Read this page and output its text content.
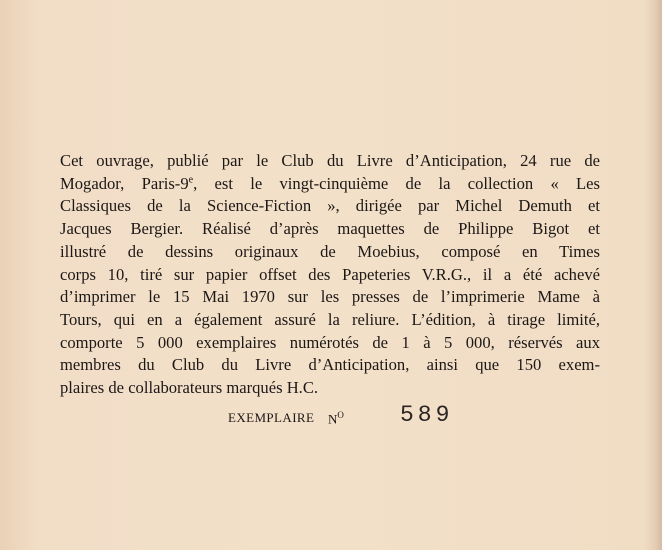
Cet ouvrage, publié par le Club du Livre d’Anticipation, 24 rue de
Mogador, Paris-9e, est le vingt-cinquième de la collection « Les
Classiques de la Science-Fiction », dirigée par Michel Demuth et
Jacques Bergier. Réalisé d’après maquettes de Philippe Bigot et
illustré de dessins originaux de Moebius, composé en Times
corps 10, tiré sur papier offset des Papeteries V.R.G., il a été achevé
d’imprimer le 15 Mai 1970 sur les presses de l’imprimerie Mame à
Tours, qui en a également assuré la reliure. L’édition, à tirage limité,
comporte 5 000 exemplaires numérotés de 1 à 5 000, réservés aux
membres du Club du Livre d’Anticipation, ainsi que 150 exem-
plaires de collaborateurs marqués H.C.

EXEMPLAIRE $N^O$ 589
